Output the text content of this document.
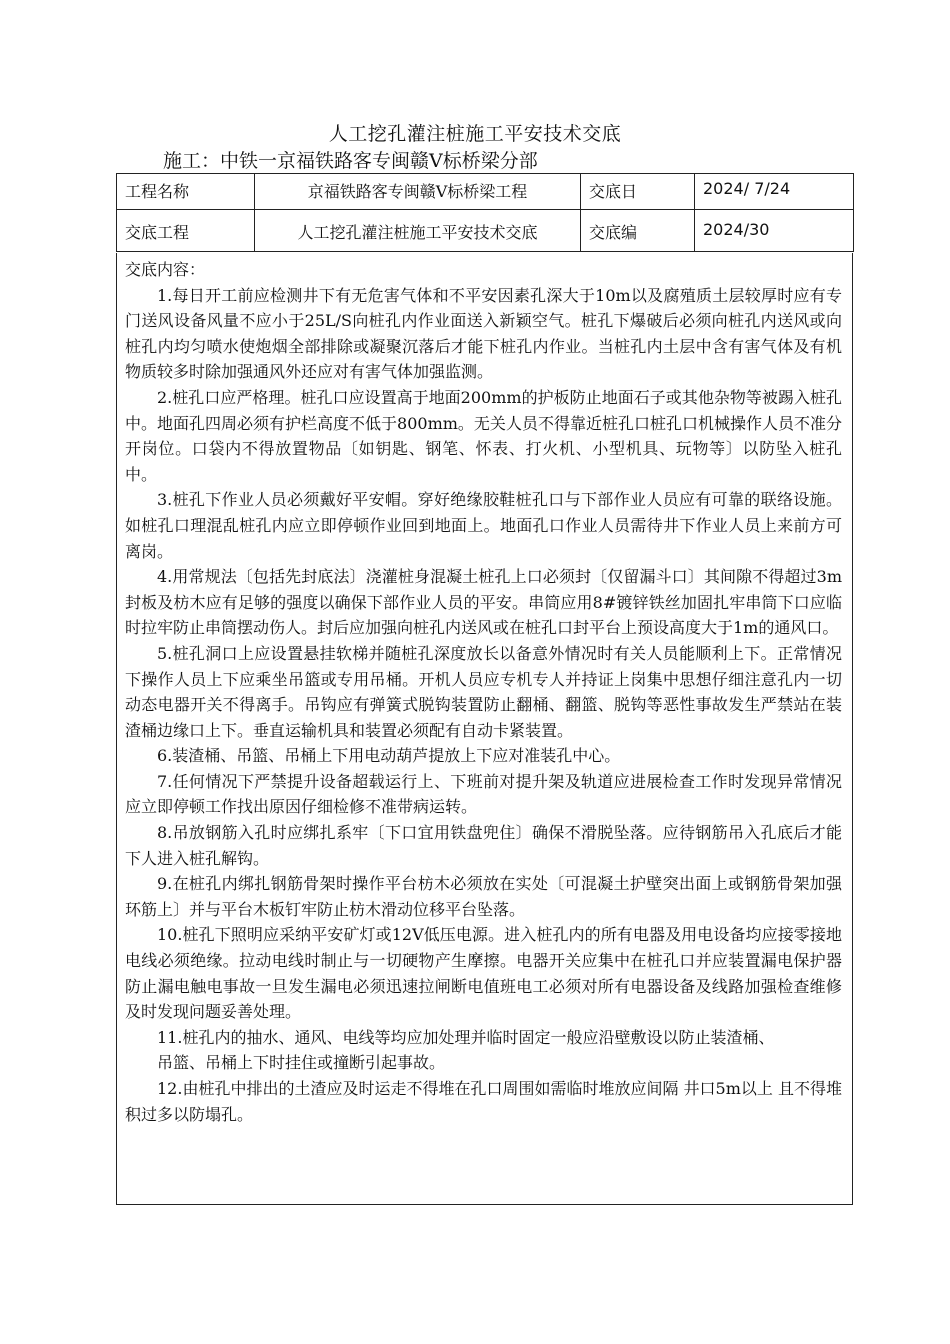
人工挖孔灌注桩施工平安技术交底
施工：中铁一京福铁路客专闽赣Ⅴ标桥梁分部
工程名称	京福铁路客专闽赣Ⅴ标桥梁工程	交底日	2024/ 7/24
交底工程	人工挖孔灌注桩施工平安技术交底	交底编	2024/30

交底内容：

1.每日开工前应检测井下有无危害气体和不平安因素孔深大于10m以及腐殖质土层较厚时应有专门送风设备风量不应小于25L/S向桩孔内作业面送入新颖空气。桩孔下爆破后必须向桩孔内送风或向桩孔内均匀喷水使炮烟全部排除或凝聚沉落后才能下桩孔内作业。当桩孔内土层中含有害气体及有机物质较多时除加强通风外还应对有害气体加强监测。

2.桩孔口应严格理。桩孔口应设置高于地面200mm的护板防止地面石子或其他杂物等被踢入桩孔中。地面孔四周必须有护栏高度不低于800mm。无关人员不得靠近桩孔口桩孔口机械操作人员不准分开岗位。口袋内不得放置物品〔如钥匙、钢笔、怀表、打火机、小型机具、玩物等〕以防坠入桩孔中。

3.桩孔下作业人员必须戴好平安帽。穿好绝缘胶鞋桩孔口与下部作业人员应有可靠的联络设施。如桩孔口理混乱桩孔内应立即停顿作业回到地面上。地面孔口作业人员需待井下作业人员上来前方可离岗。

4.用常规法〔包括先封底法〕浇灌桩身混凝土桩孔上口必须封〔仅留漏斗口〕其间隙不得超过3m封板及枋木应有足够的强度以确保下部作业人员的平安。串筒应用8#镀锌铁丝加固扎牢串筒下口应临时拉牢防止串筒摆动伤人。封后应加强向桩孔内送风或在桩孔口封平台上预设高度大于1m的通风口。

5.桩孔洞口上应设置悬挂软梯并随桩孔深度放长以备意外情况时有关人员能顺利上下。正常情况下操作人员上下应乘坐吊篮或专用吊桶。开机人员应专机专人并持证上岗集中思想仔细注意孔内一切动态电器开关不得离手。吊钩应有弹簧式脱钩装置防止翻桶、翻篮、脱钩等恶性事故发生严禁站在装渣桶边缘口上下。垂直运输机具和装置必须配有自动卡紧装置。

6.装渣桶、吊篮、吊桶上下用电动葫芦提放上下应对准装孔中心。

7.任何情况下严禁提升设备超载运行上、下班前对提升架及轨道应进展检查工作时发现异常情况应立即停顿工作找出原因仔细检修不准带病运转。

8.吊放钢筋入孔时应绑扎系牢〔下口宜用铁盘兜住〕确保不滑脱坠落。应待钢筋吊入孔底后才能下人进入桩孔解钩。

9.在桩孔内绑扎钢筋骨架时操作平台枋木必须放在实处〔可混凝土护壁突出面上或钢筋骨架加强环筋上〕并与平台木板钉牢防止枋木滑动位移平台坠落。

10.桩孔下照明应采纳平安矿灯或12V低压电源。进入桩孔内的所有电器及用电设备均应接零接地电线必须绝缘。拉动电线时制止与一切硬物产生摩擦。电器开关应集中在桩孔口并应装置漏电保护器防止漏电触电事故一旦发生漏电必须迅速拉闸断电值班电工必须对所有电器设备及线路加强检查维修及时发现问题妥善处理。

11.桩孔内的抽水、通风、电线等均应加处理并临时固定一般应沿壁敷设以防止装渣桶、

吊篮、吊桶上下时挂住或撞断引起事故。

12.由桩孔中排出的土渣应及时运走不得堆在孔口周围如需临时堆放应间隔 井口5m以上 且不得堆积过多以防塌孔。
